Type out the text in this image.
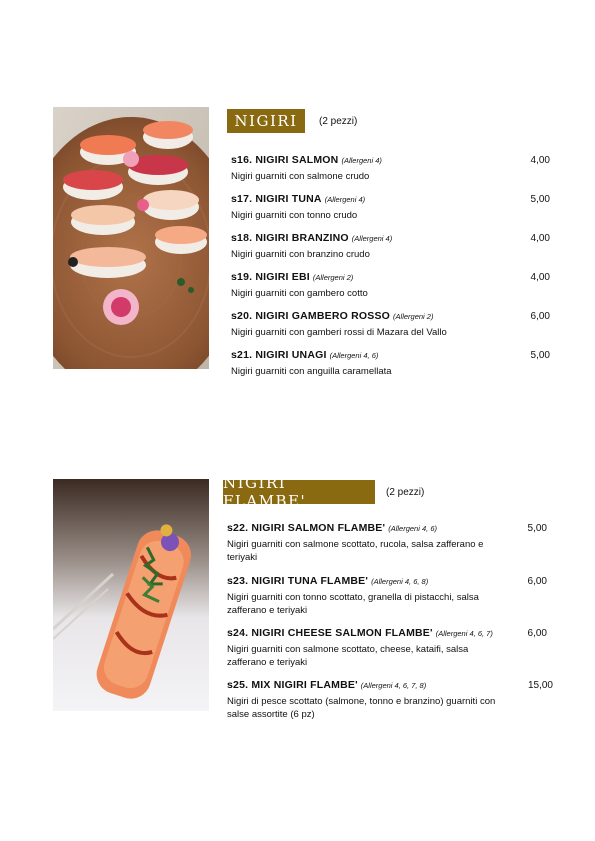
NIGIRI	(2 pezzi)
s16. NIGIRI SALMON (Allergeni 4)	4,00
Nigiri guarniti con salmone crudo
s17. NIGIRI TUNA (Allergeni 4)	5,00
Nigiri guarniti con tonno crudo
s18. NIGIRI BRANZINO (Allergeni 4)	4,00
Nigiri guarniti con branzino crudo
s19. NIGIRI EBI (Allergeni 2)	4,00
Nigiri guarniti con gambero cotto
s20. NIGIRI GAMBERO ROSSO (Allergeni 2)	6,00
Nigiri guarniti con gamberi rossi di Mazara del Vallo
s21. NIGIRI UNAGI (Allergeni 4, 6)	5,00
Nigiri guarniti con anguilla caramellata
NIGIRI FLAMBE'	(2 pezzi)
s22. NIGIRI SALMON FLAMBE' (Allergeni 4, 6)	5,00
Nigiri guarniti con salmone scottato, rucola, salsa zafferano e teriyaki
s23. NIGIRI TUNA FLAMBE' (Allergeni 4, 6, 8)	6,00
Nigiri guarniti con tonno scottato, granella di pistacchi, salsa zafferano e teriyaki
s24. NIGIRI CHEESE SALMON FLAMBE' (Allergeni 4, 6, 7)	6,00
Nigiri guarniti con salmone scottato, cheese, kataifi, salsa zafferano e teriyaki
s25. MIX NIGIRI FLAMBE' (Allergeni 4, 6, 7, 8)	15,00
Nigiri di pesce scottato (salmone, tonno e branzino) guarniti con salse assortite (6 pz)
